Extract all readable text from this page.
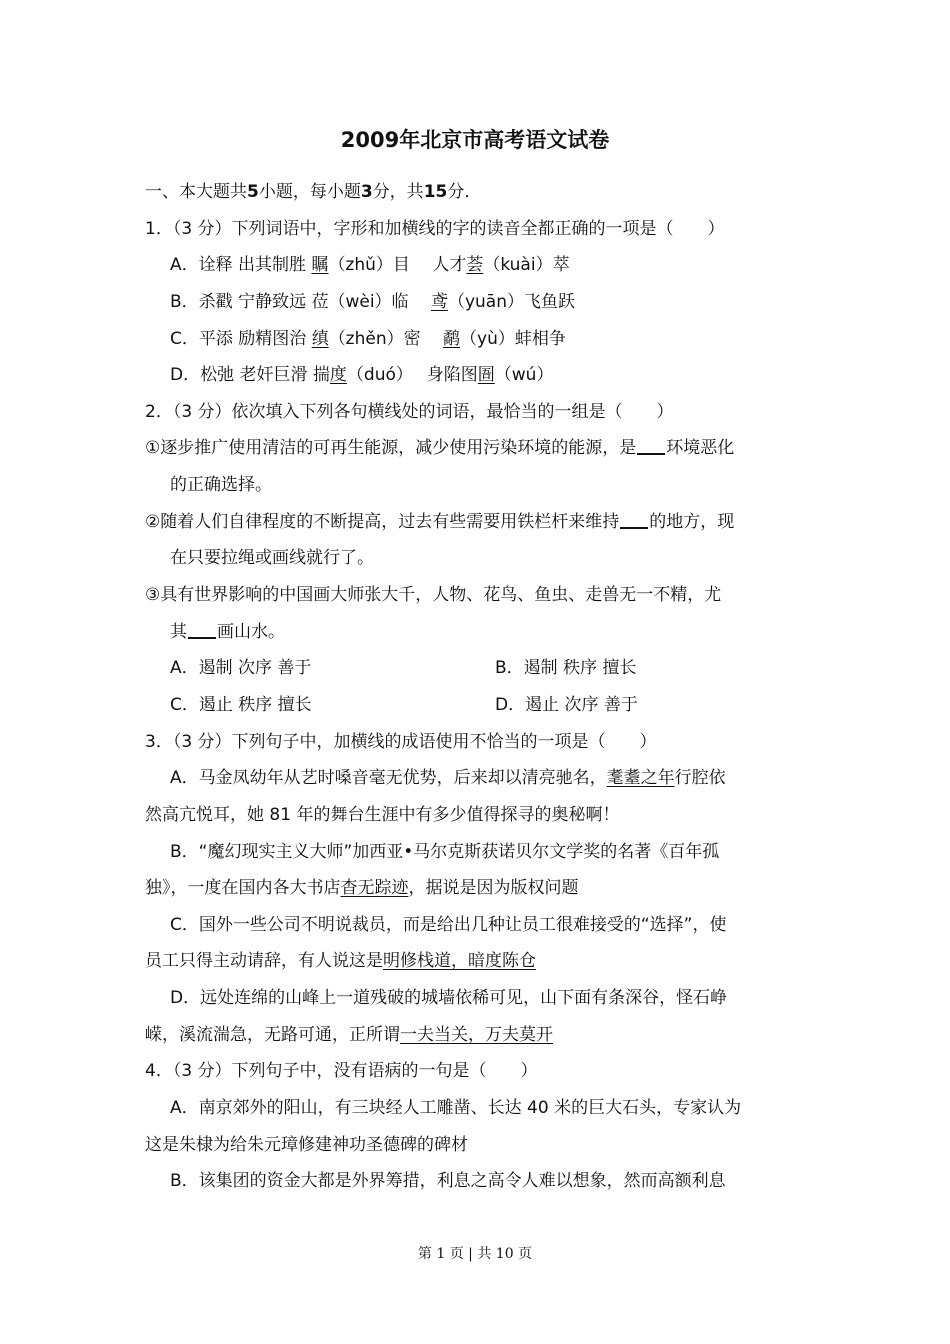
2009年北京市高考语文试卷
一、本大题共5小题，每小题3分，共15分．
1．（3 分）下列词语中，字形和加横线的字的读音全都正确的一项是（　　）
A．诠释 出其制胜 瞩（zhǔ）目　 人才荟（kuài）萃
B．杀戳 宁静致远 莅（wèi）临　 鸢（yuān）飞鱼跃
C．平添 励精图治 缜（zhěn）密　 鹬（yù）蚌相争
D．松弛 老奸巨滑 揣度（duó）　 身陷图圄（wú）
2．（3 分）依次填入下列各句横线处的词语，最恰当的一组是（　　）
①逐步推广使用清洁的可再生能源，减少使用污染环境的能源，是 环境恶化
的正确选择。
②随着人们自律程度的不断提高，过去有些需要用铁栏杆来维持 的地方，现
在只要拉绳或画线就行了。
③具有世界影响的中国画大师张大千，人物、花鸟、鱼虫、走兽无一不精，尤
其 画山水。
A．遏制 次序 善于	B．遏制 秩序 擅长
C．遏止 秩序 擅长	D．遏止 次序 善于
3．（3 分）下列句子中，加横线的成语使用不恰当的一项是（　　）
A．马金凤幼年从艺时嗓音毫无优势，后来却以清亮驰名，耄耋之年行腔依
然高亢悦耳，她 81 年的舞台生涯中有多少值得探寻的奥秘啊！
B．“魔幻现实主义大师”加西亚•马尔克斯获诺贝尔文学奖的名著《百年孤
独》，一度在国内各大书店杳无踪迹，据说是因为版权问题
C．国外一些公司不明说裁员，而是给出几种让员工很难接受的“选择”，使
员工只得主动请辞，有人说这是明修栈道，暗度陈仓
D．远处连绵的山峰上一道残破的城墙依稀可见，山下面有条深谷，怪石峥
嵘，溪流湍急，无路可通，正所谓一夫当关，万夫莫开
4．（3 分）下列句子中，没有语病的一句是（　　）
A．南京郊外的阳山，有三块经人工雕凿、长达 40 米的巨大石头，专家认为
这是朱棣为给朱元璋修建神功圣德碑的碑材
B．该集团的资金大都是外界筹措，利息之高令人难以想象，然而高额利息
第 1 页 | 共 10 页
